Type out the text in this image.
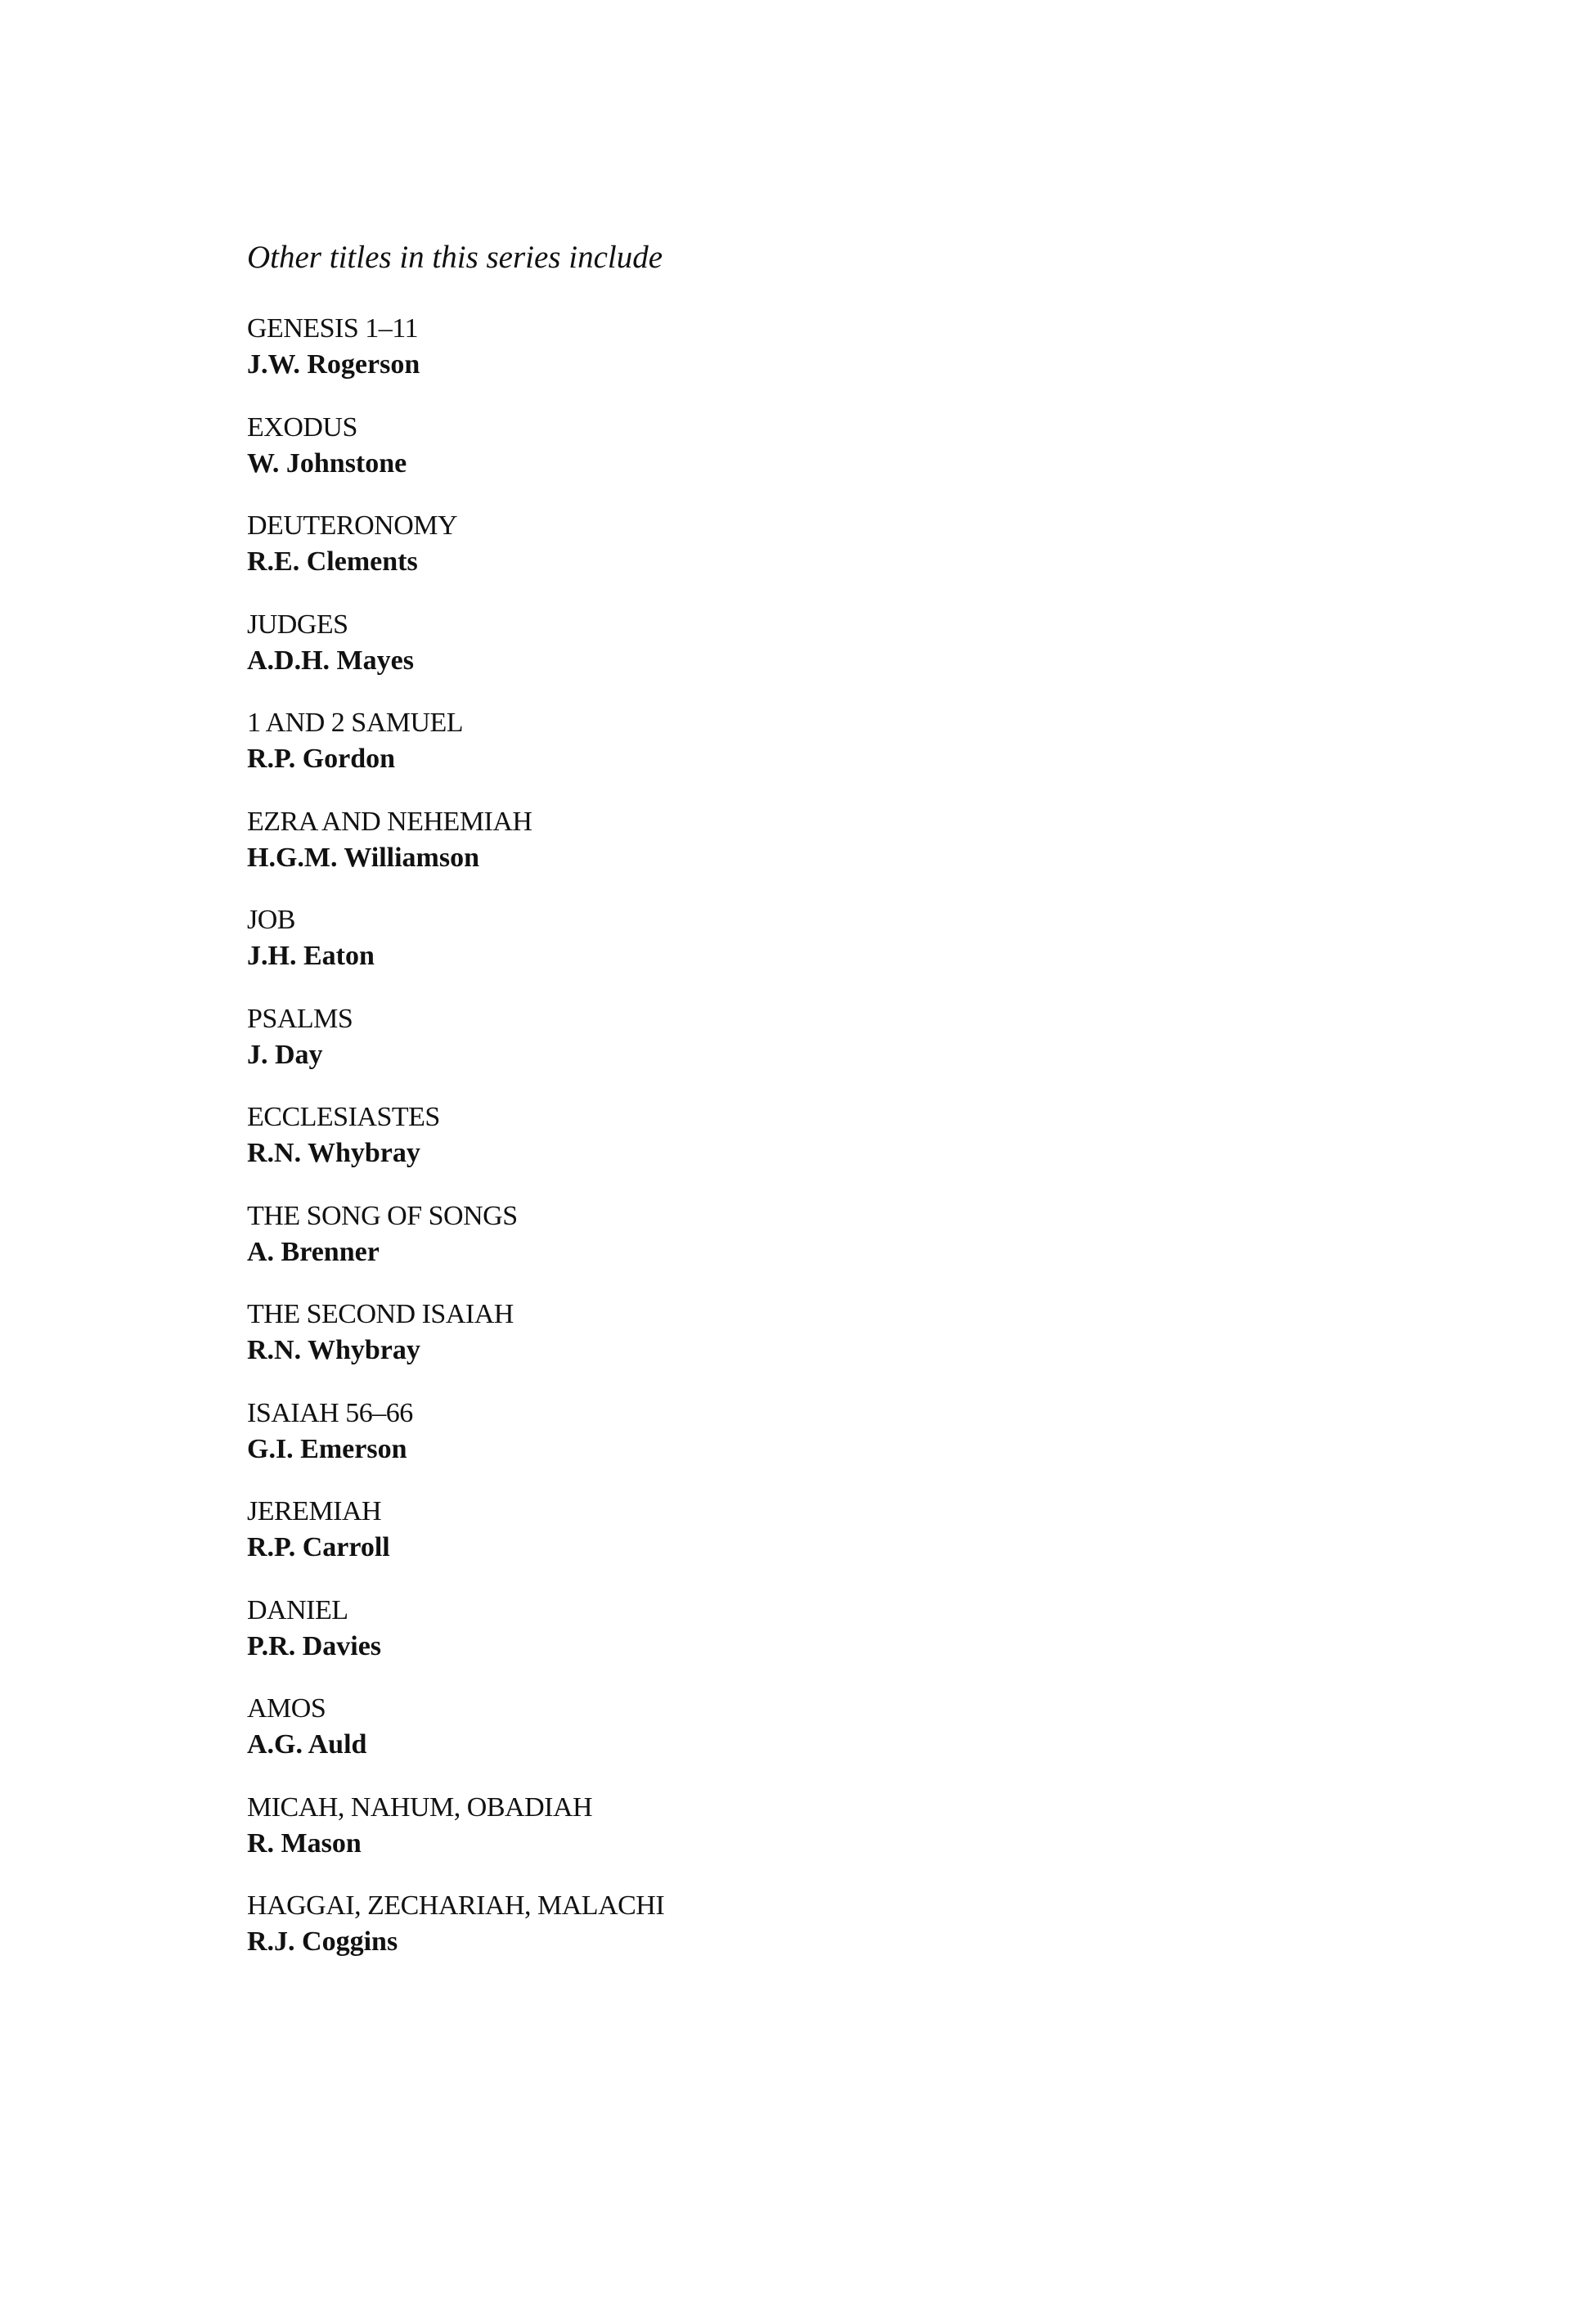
Other titles in this series include

GENESIS 1–11
J.W. Rogerson
EXODUS
W. Johnstone
DEUTERONOMY
R.E. Clements
JUDGES
A.D.H. Mayes
1 AND 2 SAMUEL
R.P. Gordon
EZRA AND NEHEMIAH
H.G.M. Williamson
JOB
J.H. Eaton
PSALMS
J. Day
ECCLESIASTES
R.N. Whybray
THE SONG OF SONGS
A. Brenner
THE SECOND ISAIAH
R.N. Whybray
ISAIAH 56–66
G.I. Emerson
JEREMIAH
R.P. Carroll
DANIEL
P.R. Davies
AMOS
A.G. Auld
MICAH, NAHUM, OBADIAH
R. Mason
HAGGAI, ZECHARIAH, MALACHI
R.J. Coggins
